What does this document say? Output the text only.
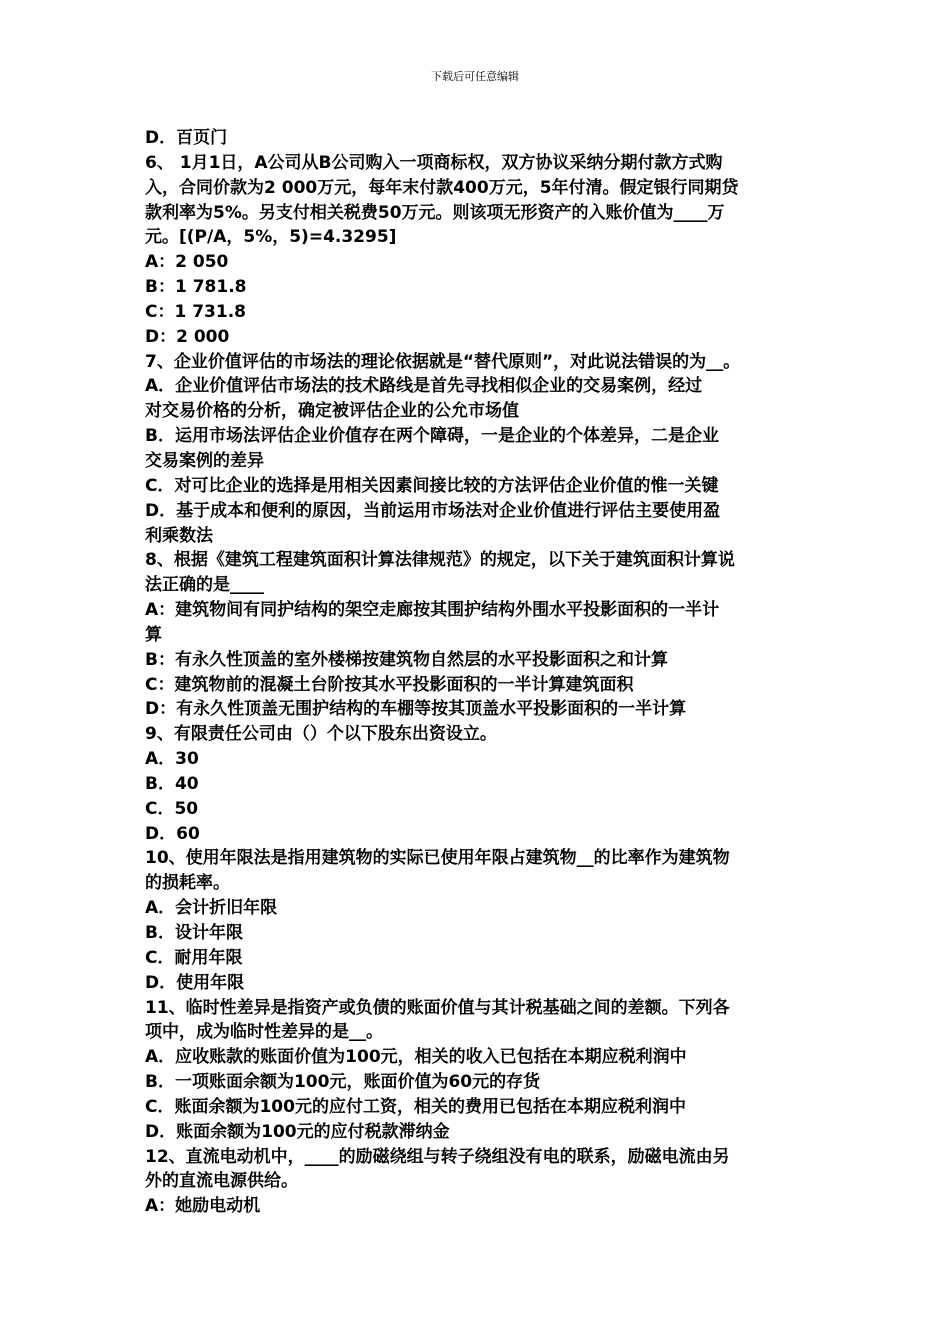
下载后可任意编辑
D．百页门
6、 1月1日，A公司从B公司购入一项商标权，双方协议采纳分期付款方式购
入，合同价款为2 000万元，每年末付款400万元，5年付清。假定银行同期贷
款利率为5%。另支付相关税费50万元。则该项无形资产的入账价值为____万
元。[(P/A，5%，5)=4.3295]
A：2 050
B：1 781.8
C：1 731.8
D：2 000
7、企业价值评估的市场法的理论依据就是“替代原则”，对此说法错误的为__。
A．企业价值评估市场法的技术路线是首先寻找相似企业的交易案例，经过
对交易价格的分析，确定被评估企业的公允市场值
B．运用市场法评估企业价值存在两个障碍，一是企业的个体差异，二是企业
交易案例的差异
C．对可比企业的选择是用相关因素间接比较的方法评估企业价值的惟一关键
D．基于成本和便利的原因，当前运用市场法对企业价值进行评估主要使用盈
利乘数法
8、根据《建筑工程建筑面积计算法律规范》的规定，以下关于建筑面积计算说
法正确的是____
A：建筑物间有同护结构的架空走廊按其围护结构外围水平投影面积的一半计
算
B：有永久性顶盖的室外楼梯按建筑物自然层的水平投影面积之和计算
C：建筑物前的混凝土台阶按其水平投影面积的一半计算建筑面积
D：有永久性顶盖无围护结构的车棚等按其顶盖水平投影面积的一半计算
9、有限责任公司由（）个以下股东出资设立。
A．30
B．40
C．50
D．60
10、使用年限法是指用建筑物的实际已使用年限占建筑物__的比率作为建筑物
的损耗率。
A．会计折旧年限
B．设计年限
C．耐用年限
D．使用年限
11、临时性差异是指资产或负债的账面价值与其计税基础之间的差额。下列各
项中，成为临时性差异的是__。
A．应收账款的账面价值为100元，相关的收入已包括在本期应税利润中
B．一项账面余额为100元，账面价值为60元的存货
C．账面余额为100元的应付工资，相关的费用已包括在本期应税利润中
D．账面余额为100元的应付税款滞纳金
12、直流电动机中，____的励磁绕组与转子绕组没有电的联系，励磁电流由另
外的直流电源供给。
A：她励电动机
